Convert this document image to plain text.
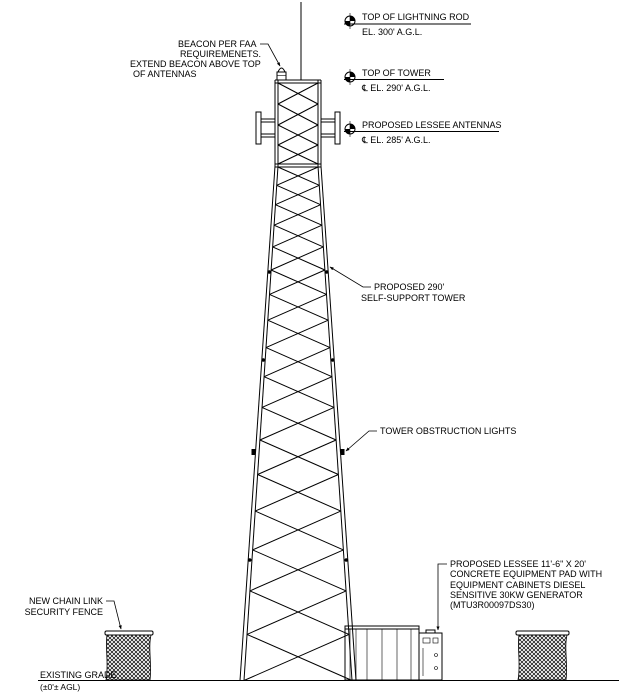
TOP OF LIGHTNING ROD
EL. 300' A.G.L.
TOP OF TOWER
℄ EL. 290' A.G.L.
PROPOSED LESSEE ANTENNAS
℄ EL. 285' A.G.L.
BEACON PER FAA
REQUIREMENETS.
EXTEND BEACON ABOVE TOP
OF ANTENNAS
PROPOSED 290'
SELF-SUPPORT TOWER
TOWER OBSTRUCTION LIGHTS
PROPOSED LESSEE 11'-6" X 20'
CONCRETE EQUIPMENT PAD WITH
EQUIPMENT CABINETS DIESEL
SENSITIVE 30KW GENERATOR
(MTU3R00097DS30)
NEW CHAIN LINK
SECURITY FENCE
EXISTING GRADE
(±0'± AGL)
